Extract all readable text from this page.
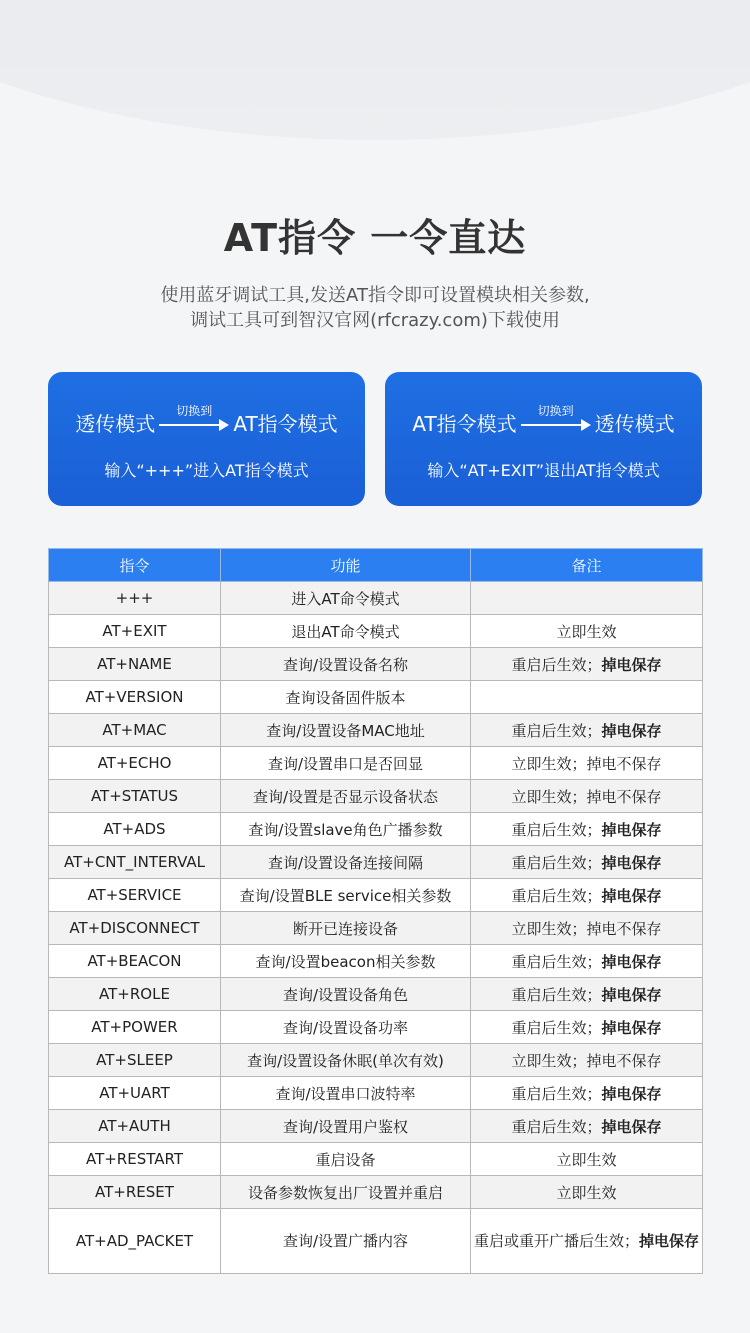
AT指令 一令直达
使用蓝牙调试工具,发送AT指令即可设置模块相关参数,
调试工具可到智汉官网(rfcrazy.com)下载使用
透传模式
切换到
AT指令模式
输入“+++”进入AT指令模式
AT指令模式
切换到
透传模式
输入“AT+EXIT”退出AT指令模式
指令	功能	备注
+++	进入AT命令模式	
AT+EXIT	退出AT命令模式	立即生效
AT+NAME	查询/设置设备名称	重启后生效；掉电保存
AT+VERSION	查询设备固件版本	
AT+MAC	查询/设置设备MAC地址	重启后生效；掉电保存
AT+ECHO	查询/设置串口是否回显	立即生效；掉电不保存
AT+STATUS	查询/设置是否显示设备状态	立即生效；掉电不保存
AT+ADS	查询/设置slave角色广播参数	重启后生效；掉电保存
AT+CNT_INTERVAL	查询/设置设备连接间隔	重启后生效；掉电保存
AT+SERVICE	查询/设置BLE service相关参数	重启后生效；掉电保存
AT+DISCONNECT	断开已连接设备	立即生效；掉电不保存
AT+BEACON	查询/设置beacon相关参数	重启后生效；掉电保存
AT+ROLE	查询/设置设备角色	重启后生效；掉电保存
AT+POWER	查询/设置设备功率	重启后生效；掉电保存
AT+SLEEP	查询/设置设备休眠(单次有效)	立即生效；掉电不保存
AT+UART	查询/设置串口波特率	重启后生效；掉电保存
AT+AUTH	查询/设置用户鉴权	重启后生效；掉电保存
AT+RESTART	重启设备	立即生效
AT+RESET	设备参数恢复出厂设置并重启	立即生效
AT+AD_PACKET	查询/设置广播内容	重启或重开广播后生效；掉电保存
